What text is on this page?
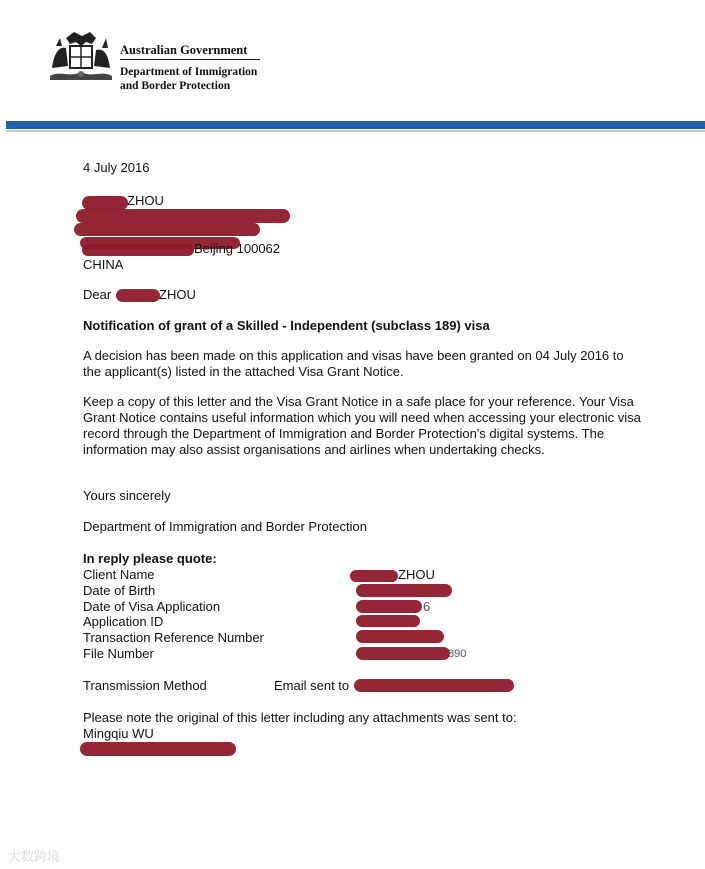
Australian Government
Department of Immigration
and Border Protection
4 July 2016
ZHOU
Beijing 100062
CHINA
Dear	ZHOU
Notification of grant of a Skilled - Independent (subclass 189) visa
A decision has been made on this application and visas have been granted on 04 July 2016 to the applicant(s) listed in the attached Visa Grant Notice.
Keep a copy of this letter and the Visa Grant Notice in a safe place for your reference. Your Visa Grant Notice contains useful information which you will need when accessing your electronic visa record through the Department of Immigration and Border Protection's digital systems. The information may also assist organisations and airlines when undertaking checks.
Yours sincerely
Department of Immigration and Border Protection
In reply please quote:
Client Name	ZHOU
Date of Birth
Date of Visa Application	6
Application ID
Transaction Reference Number
File Number	890
Transmission Method	Email sent to
Please note the original of this letter including any attachments was sent to:
Mingqiu WU
大数跨境
